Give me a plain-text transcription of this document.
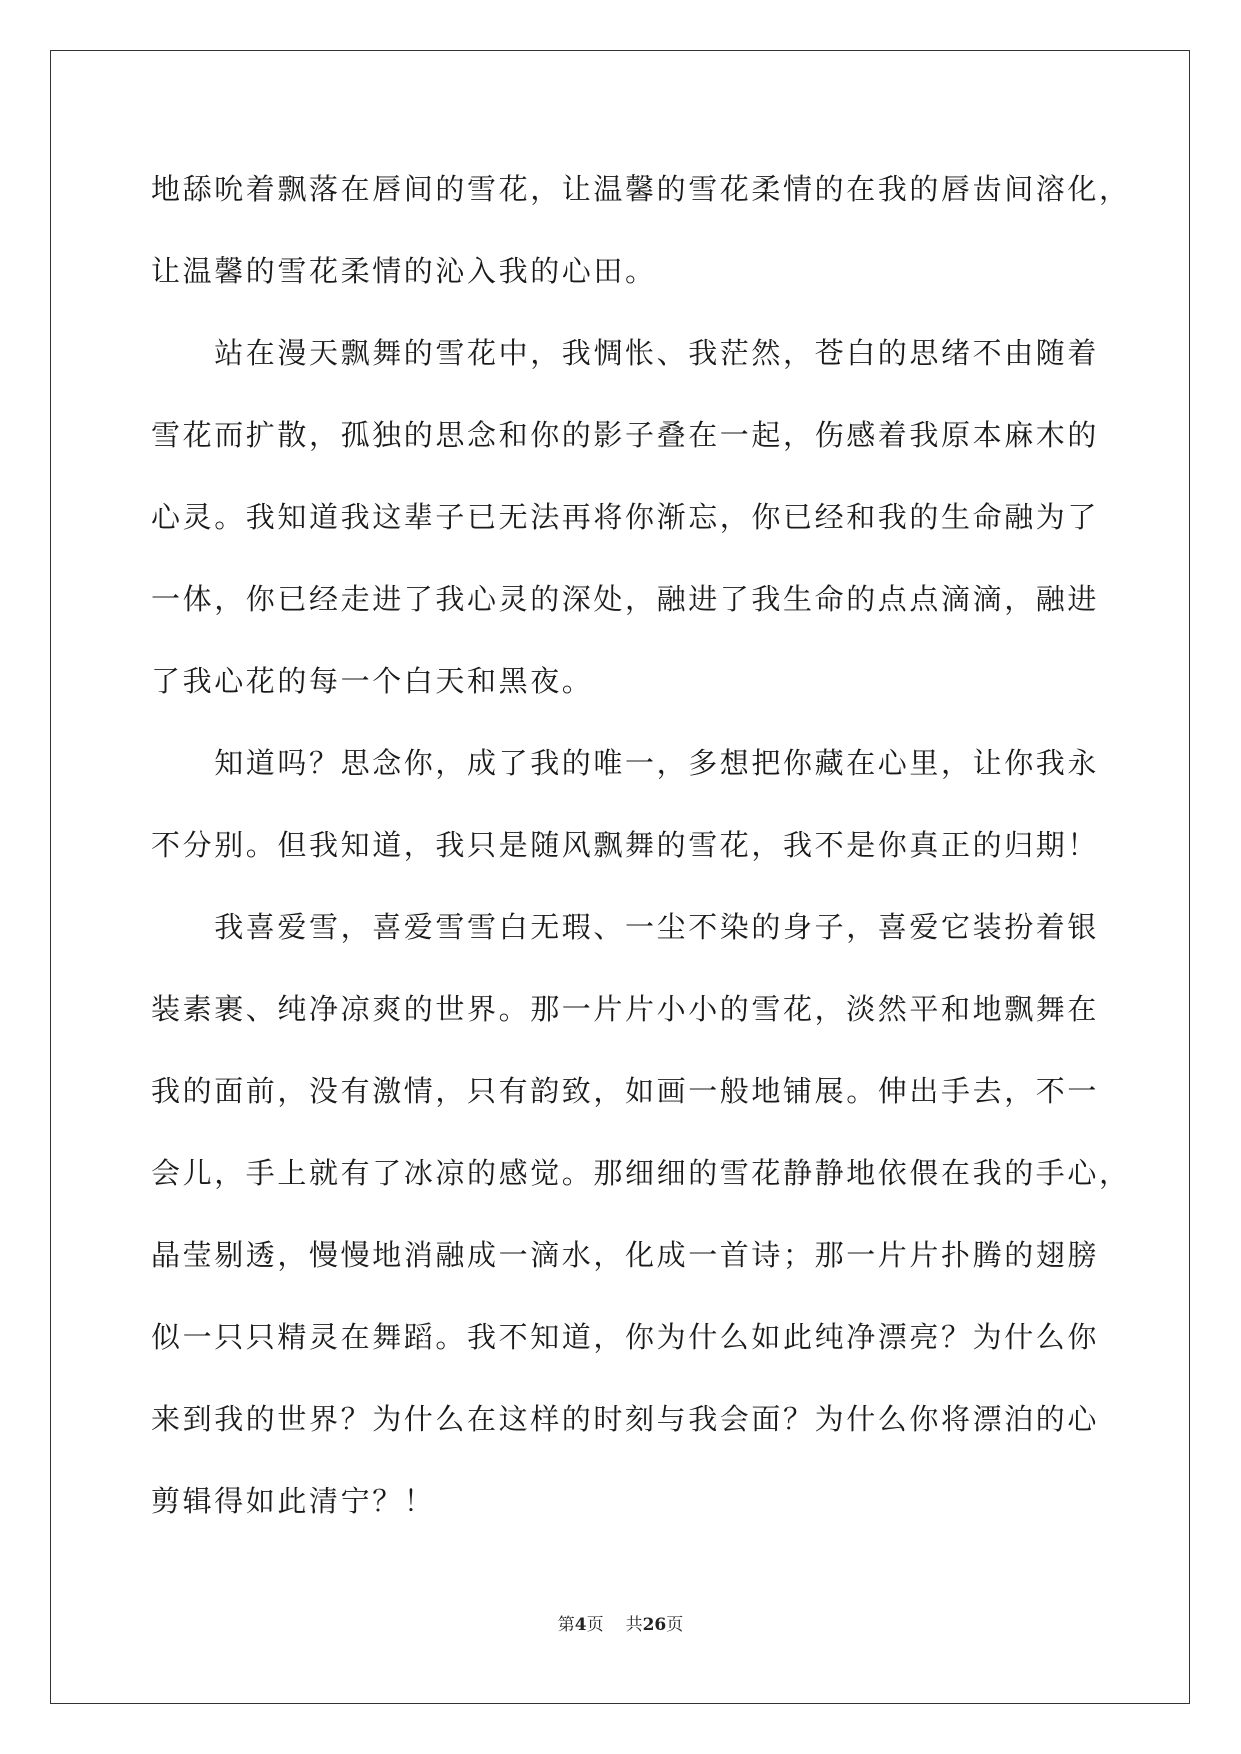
地舔吮着飘落在唇间的雪花，让温馨的雪花柔情的在我的唇齿间溶化，
让温馨的雪花柔情的沁入我的心田。
　　站在漫天飘舞的雪花中，我惆怅、我茫然，苍白的思绪不由随着
雪花而扩散，孤独的思念和你的影子叠在一起，伤感着我原本麻木的
心灵。我知道我这辈子已无法再将你渐忘，你已经和我的生命融为了
一体，你已经走进了我心灵的深处，融进了我生命的点点滴滴，融进
了我心花的每一个白天和黑夜。
　　知道吗？思念你，成了我的唯一，多想把你藏在心里，让你我永
不分别。但我知道，我只是随风飘舞的雪花，我不是你真正的归期！
　　我喜爱雪，喜爱雪雪白无瑕、一尘不染的身子，喜爱它装扮着银
装素裹、纯净凉爽的世界。那一片片小小的雪花，淡然平和地飘舞在
我的面前，没有激情，只有韵致，如画一般地铺展。伸出手去，不一
会儿，手上就有了冰凉的感觉。那细细的雪花静静地依偎在我的手心，
晶莹剔透，慢慢地消融成一滴水，化成一首诗；那一片片扑腾的翅膀
似一只只精灵在舞蹈。我不知道，你为什么如此纯净漂亮？为什么你
来到我的世界？为什么在这样的时刻与我会面？为什么你将漂泊的心
剪辑得如此清宁？！
第4页 共26页
